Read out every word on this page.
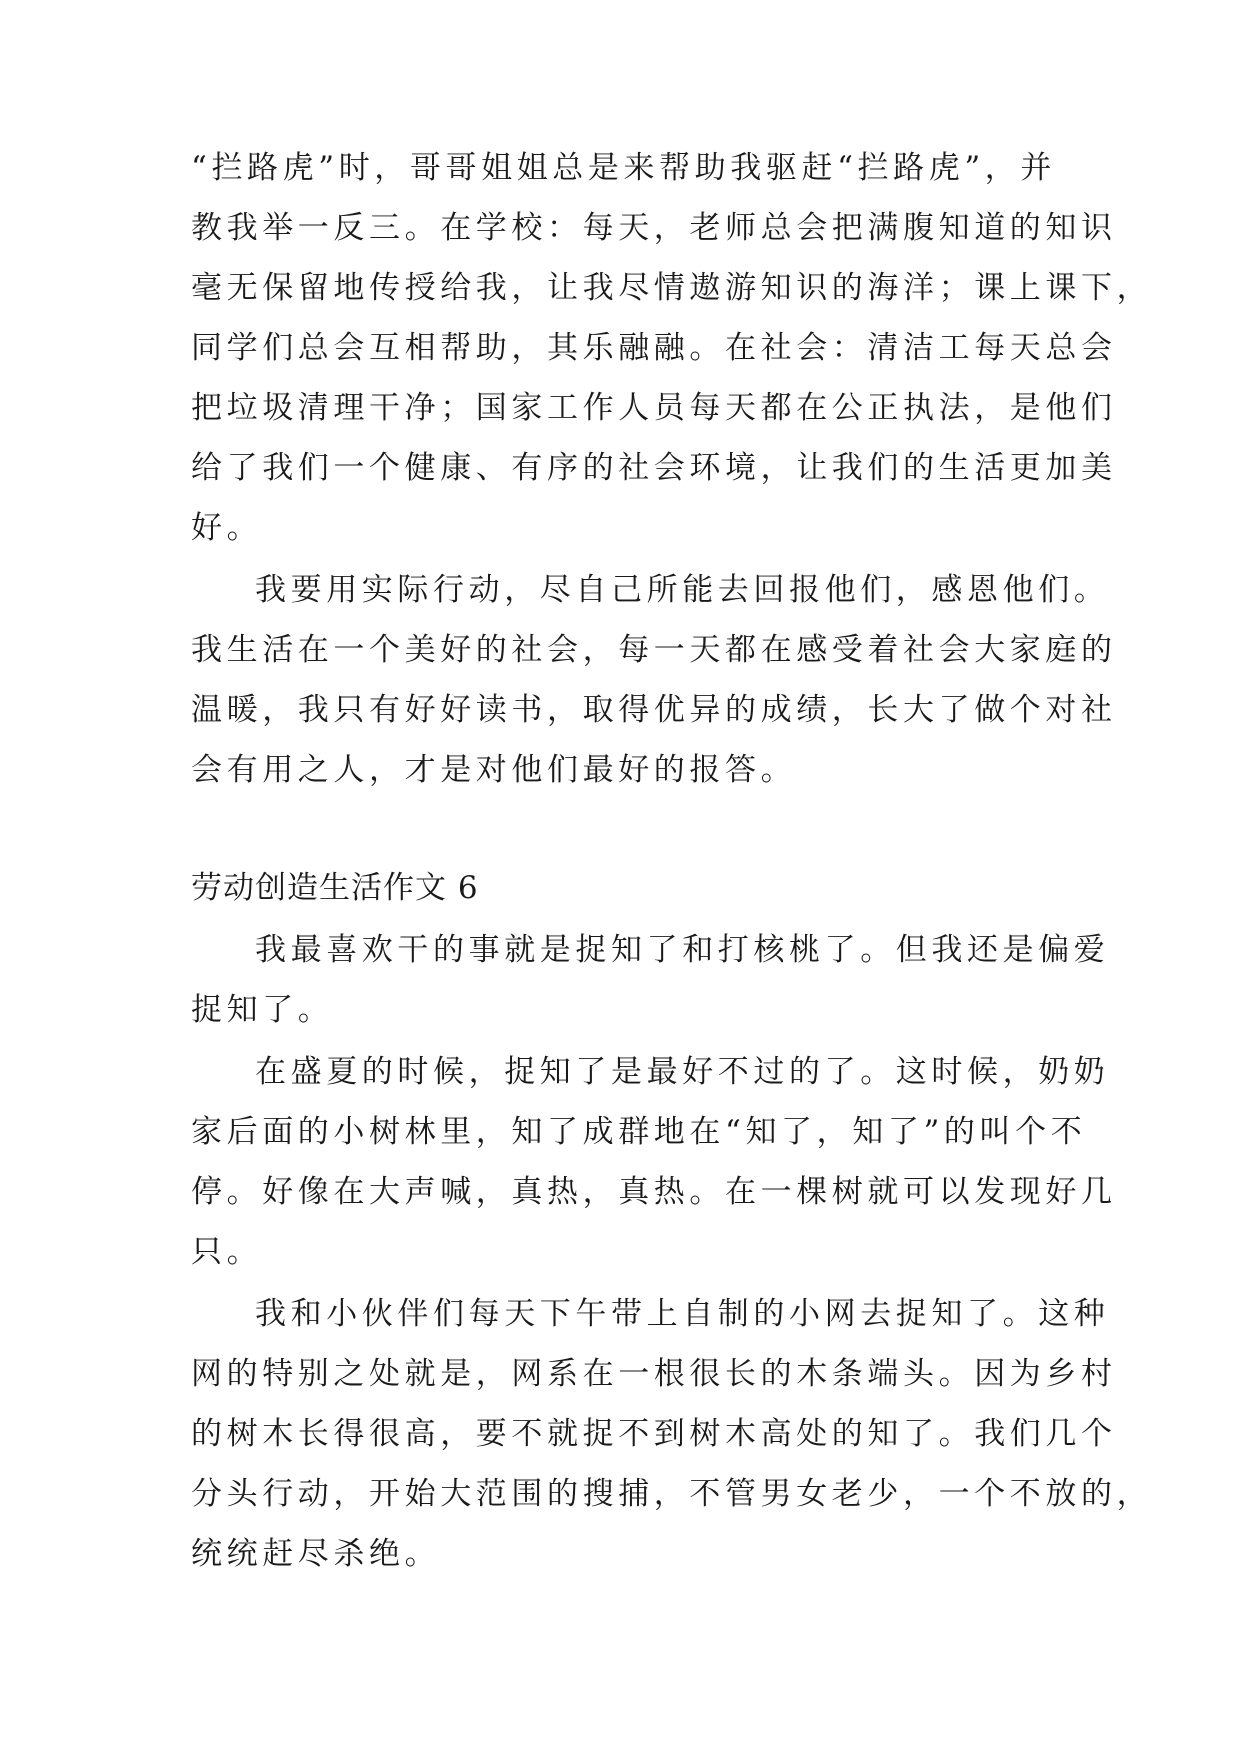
“拦路虎”时，哥哥姐姐总是来帮助我驱赶“拦路虎”，并
教我举一反三。在学校：每天，老师总会把满腹知道的知识
毫无保留地传授给我，让我尽情遨游知识的海洋；课上课下，
同学们总会互相帮助，其乐融融。在社会：清洁工每天总会
把垃圾清理干净；国家工作人员每天都在公正执法，是他们
给了我们一个健康、有序的社会环境，让我们的生活更加美
好。
我要用实际行动，尽自己所能去回报他们，感恩他们。
我生活在一个美好的社会，每一天都在感受着社会大家庭的
温暖，我只有好好读书，取得优异的成绩，长大了做个对社
会有用之人，才是对他们最好的报答。
劳动创造生活作文 6
我最喜欢干的事就是捉知了和打核桃了。但我还是偏爱
捉知了。
在盛夏的时候，捉知了是最好不过的了。这时候，奶奶
家后面的小树林里，知了成群地在“知了，知了”的叫个不
停。好像在大声喊，真热，真热。在一棵树就可以发现好几
只。
我和小伙伴们每天下午带上自制的小网去捉知了。这种
网的特别之处就是，网系在一根很长的木条端头。因为乡村
的树木长得很高，要不就捉不到树木高处的知了。我们几个
分头行动，开始大范围的搜捕，不管男女老少，一个不放的，
统统赶尽杀绝。
